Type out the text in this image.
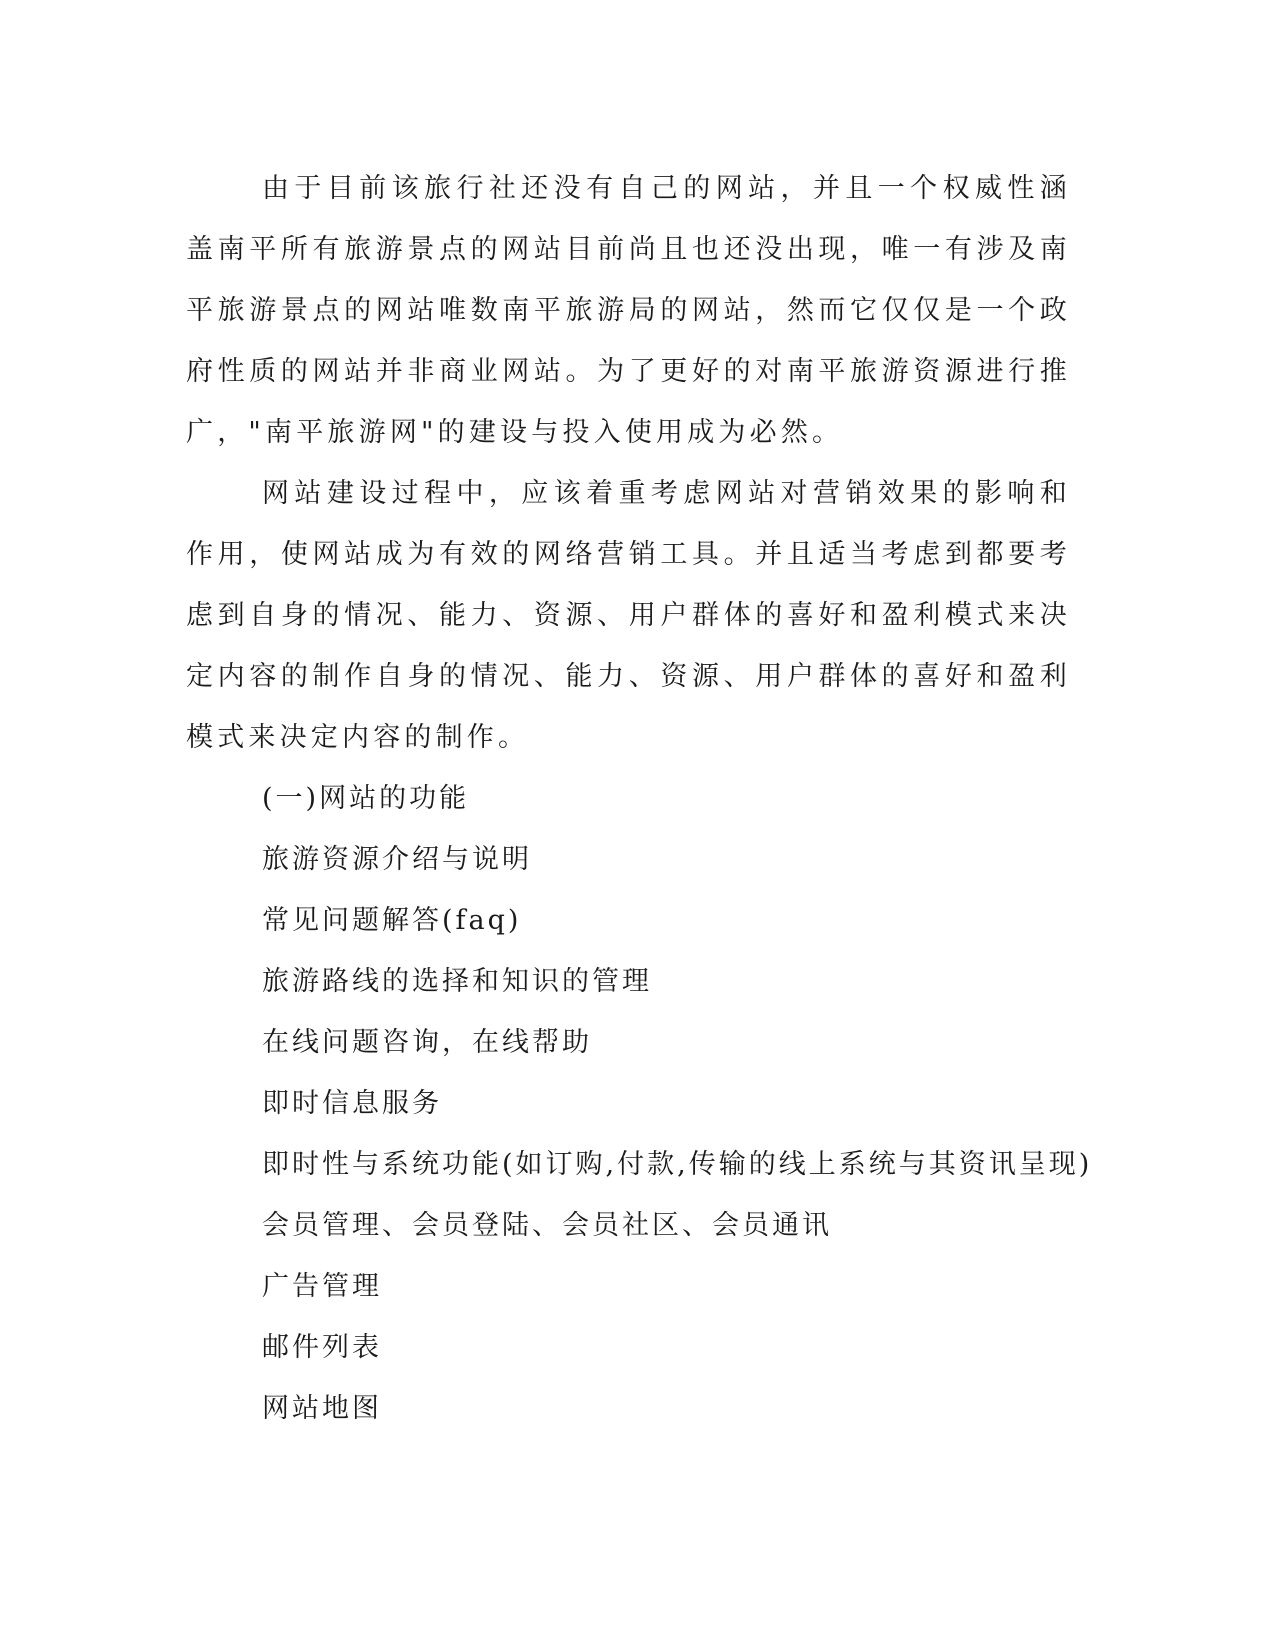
由于目前该旅行社还没有自己的网站，并且一个权威性涵盖南平所有旅游景点的网站目前尚且也还没出现，唯一有涉及南平旅游景点的网站唯数南平旅游局的网站，然而它仅仅是一个政府性质的网站并非商业网站。为了更好的对南平旅游资源进行推广，"南平旅游网"的建设与投入使用成为必然。

网站建设过程中，应该着重考虑网站对营销效果的影响和作用，使网站成为有效的网络营销工具。并且适当考虑到都要考虑到自身的情况、能力、资源、用户群体的喜好和盈利模式来决定内容的制作自身的情况、能力、资源、用户群体的喜好和盈利模式来决定内容的制作。

(一)网站的功能

旅游资源介绍与说明
常见问题解答(faq)
旅游路线的选择和知识的管理
在线问题咨询，在线帮助
即时信息服务
即时性与系统功能(如订购,付款,传输的线上系统与其资讯呈现)
会员管理、会员登陆、会员社区、会员通讯
广告管理
邮件列表
网站地图
